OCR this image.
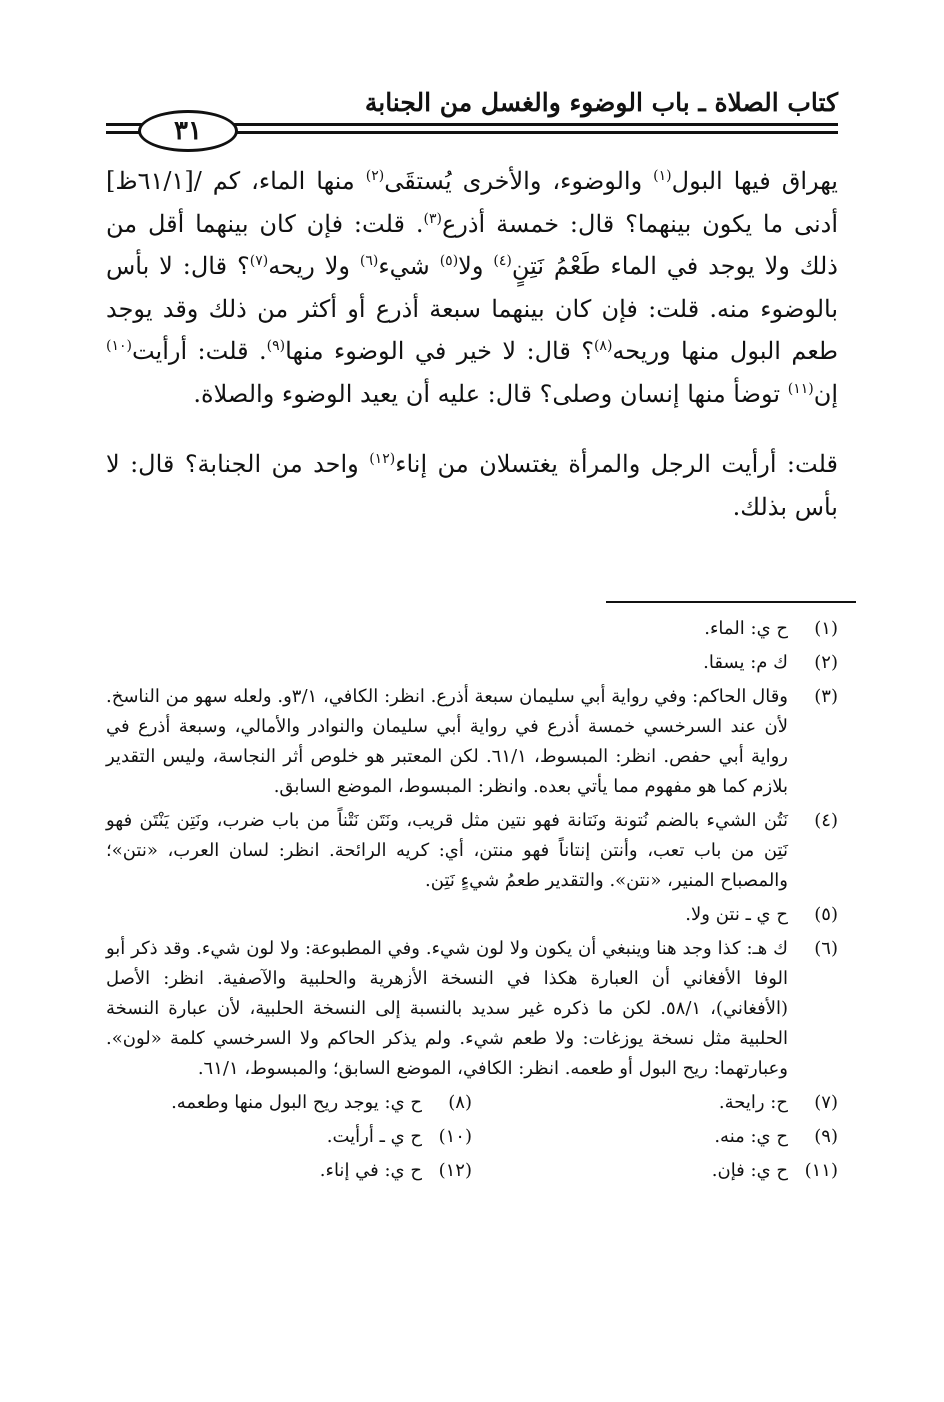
كتاب الصلاة ـ باب الوضوء والغسل من الجنابة
٣١

يهراق فيها البول$^{(١)}$ والوضوء، والأخرى يُستقَى$^{(٢)}$ منها الماء، كم /[٦١/١ظ] أدنى ما يكون بينهما؟ قال: خمسة أذرع$^{(٣)}$. قلت: فإن كان بينهما أقل من ذلك ولا يوجد في الماء طَعْمُ نَتِنٍ$^{(٤)}$ ولا$^{(٥)}$ شيء$^{(٦)}$ ولا ريحه$^{(٧)}$؟ قال: لا بأس بالوضوء منه. قلت: فإن كان بينهما سبعة أذرع أو أكثر من ذلك وقد يوجد طعم البول منها وريحه$^{(٨)}$؟ قال: لا خير في الوضوء منها$^{(٩)}$. قلت: أرأيت$^{(١٠)}$ إن$^{(١١)}$ توضأ منها إنسان وصلى؟ قال: عليه أن يعيد الوضوء والصلاة.

قلت: أرأيت الرجل والمرأة يغتسلان من إناء$^{(١٢)}$ واحد من الجنابة؟ قال: لا بأس بذلك.

(١)
ح ي: الماء.
(٢)
ك م: يسقا.
(٣)
وقال الحاكم: وفي رواية أبي سليمان سبعة أذرع. انظر: الكافي، ٣/١و. ولعله سهو من الناسخ. لأن عند السرخسي خمسة أذرع في رواية أبي سليمان والنوادر والأمالي، وسبعة أذرع في رواية أبي حفص. انظر: المبسوط، ٦١/١. لكن المعتبر هو خلوص أثر النجاسة، وليس التقدير بلازم كما هو مفهوم مما يأتي بعده. وانظر: المبسوط، الموضع السابق.
(٤)
نَتُن الشيء بالضم نُتونة ونَتانة فهو نتين مثل قريب، ونَتَن نَتْناً من باب ضرب، ونَتِن يَنْتَن فهو نَتِن من باب تعب، وأنتن إنتاناً فهو منتن، أي: كريه الرائحة. انظر: لسان العرب، «نتن»؛ والمصباح المنير، «نتن». والتقدير طعمُ شيءٍ نَتِن.
(٥)
ح ي ـ نتن ولا.
(٦)
ك هـ: كذا وجد هنا وينبغي أن يكون ولا لون شيء. وفي المطبوعة: ولا لون شيء. وقد ذكر أبو الوفا الأفغاني أن العبارة هكذا في النسخة الأزهرية والحلبية والآصفية. انظر: الأصل (الأفغاني)، ٥٨/١. لكن ما ذكره غير سديد بالنسبة إلى النسخة الحلبية، لأن عبارة النسخة الحلبية مثل نسخة يوزغات: ولا طعم شيء. ولم يذكر الحاكم ولا السرخسي كلمة «لون». وعبارتهما: ريح البول أو طعمه. انظر: الكافي، الموضع السابق؛ والمبسوط، ٦١/١.
(٧)
ح: رايحة.
(٨)
ح ي: يوجد ريح البول منها وطعمه.
(٩)
ح ي: منه.
(١٠)
ح ي ـ أرأيت.
(١١)
ح ي: فإن.
(١٢)
ح ي: في إناء.
